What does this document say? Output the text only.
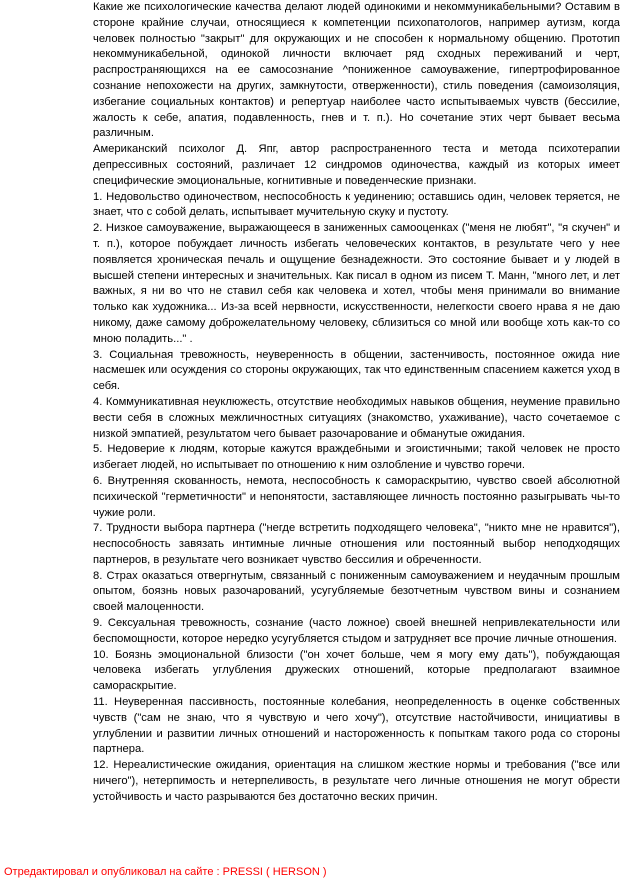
Какие же психологические качества делают людей одинокими и некоммуникабельными? Оставим в стороне крайние случаи, относящиеся к компетенции психопатологов, например аутизм, когда человек полностью "закрыт" для окружающих и не способен к нормальному общению. Прототип некоммуникабельной, одинокой личности включает ряд сходных переживаний и черт, распространяющихся на ее самосознание ^пониженное самоуважение, гипертрофированное сознание непохожести на других, замкнутости, отверженности), стиль поведения (самоизоляция, избегание социальных контактов) и репертуар наиболее часто испытываемых чувств (бессилие, жалость к себе, апатия, подавленность, гнев и т. п.). Но сочетание этих черт бывает весьма различным.

Американский психолог Д. Япг, автор распространенного теста и метода психотерапии депрессивных состояний, различает 12 синдромов одиночества, каждый из которых имеет специфические эмоциональные, когнитивные и поведенческие признаки.

1. Недовольство одиночеством, неспособность к уединению; оставшись один, человек теряется, не знает, что с собой делать, испытывает мучительную скуку и пустоту.

2. Низкое самоуважение, выражающееся в заниженных самооценках ("меня не любят", "я скучен" и т. п.), которое побуждает личность избегать человеческих контактов, в результате чего у нее появляется хроническая печаль и ощущение безнадежности. Это состояние бывает и у людей в высшей степени интересных и значительных. Как писал в одном из писем Т. Манн, "много лет, и лет важных, я ни во что не ставил себя как человека и хотел, чтобы меня принимали во внимание только как художника... Из-за всей нервности, искусственности, нелегкости своего нрава я не даю никому, даже самому доброжелательному человеку, сблизиться со мной или вообще хоть как-то со мною поладить..." .

3. Социальная тревожность, неуверенность в общении, застенчивость, постоянное ожида ние насмешек или осуждения со стороны окружающих, так что единственным спасением кажется уход в себя.

4. Коммуникативная неуклюжесть, отсутствие необходимых навыков общения, неумение правильно вести себя в сложных межличностных ситуациях (знакомство, ухаживание), часто сочетаемое с низкой эмпатией, результатом чего бывает разочарование и обманутые ожидания.

5. Недоверие к людям, которые кажутся враждебными и эгоистичными; такой человек не просто избегает людей, но испытывает по отношению к ним озлобление и чувство горечи.

6. Внутренняя скованность, немота, неспособность к самораскрытию, чувство своей абсолютной психической "герметичности" и непонятости, заставляющее личность постоянно разыгрывать чы-то чужие роли.

7. Трудности выбора партнера ("негде встретить подходящего человека", "никто мне не нравится"), неспособность завязать интимные личные отношения или постоянный выбор неподходящих партнеров, в результате чего возникает чувство бессилия и обреченности.

8. Страх оказаться отвергнутым, связанный с пониженным самоуважением и неудачным прошлым опытом, боязнь новых разочарований, усугубляемые безотчетным чувством вины и сознанием своей малоценности.

9. Сексуальная тревожность, сознание (часто ложное) своей внешней непривлекательности или беспомощности, которое нередко усугубляется стыдом и затрудняет все прочие личные отношения.

10. Боязнь эмоциональной близости ("он хочет больше, чем я могу ему дать"), побуждающая человека избегать углубления дружеских отношений, которые предполагают взаимное самораскрытие.

11. Неуверенная пассивность, постоянные колебания, неопределенность в оценке собственных чувств ("сам не знаю, что я чувствую и чего хочу"), отсутствие настойчивости, инициативы в углублении и развитии личных отношений и настороженность к попыткам такого рода со стороны партнера.

12. Нереалистические ожидания, ориентация на слишком жесткие нормы и требования ("все или ничего"), нетерпимость и нетерпеливость, в результате чего личные отношения не могут обрести устойчивость и часто разрываются без достаточно веских причин.

Отредактировал и опубликовал на сайте : PRESSI ( HERSON )
